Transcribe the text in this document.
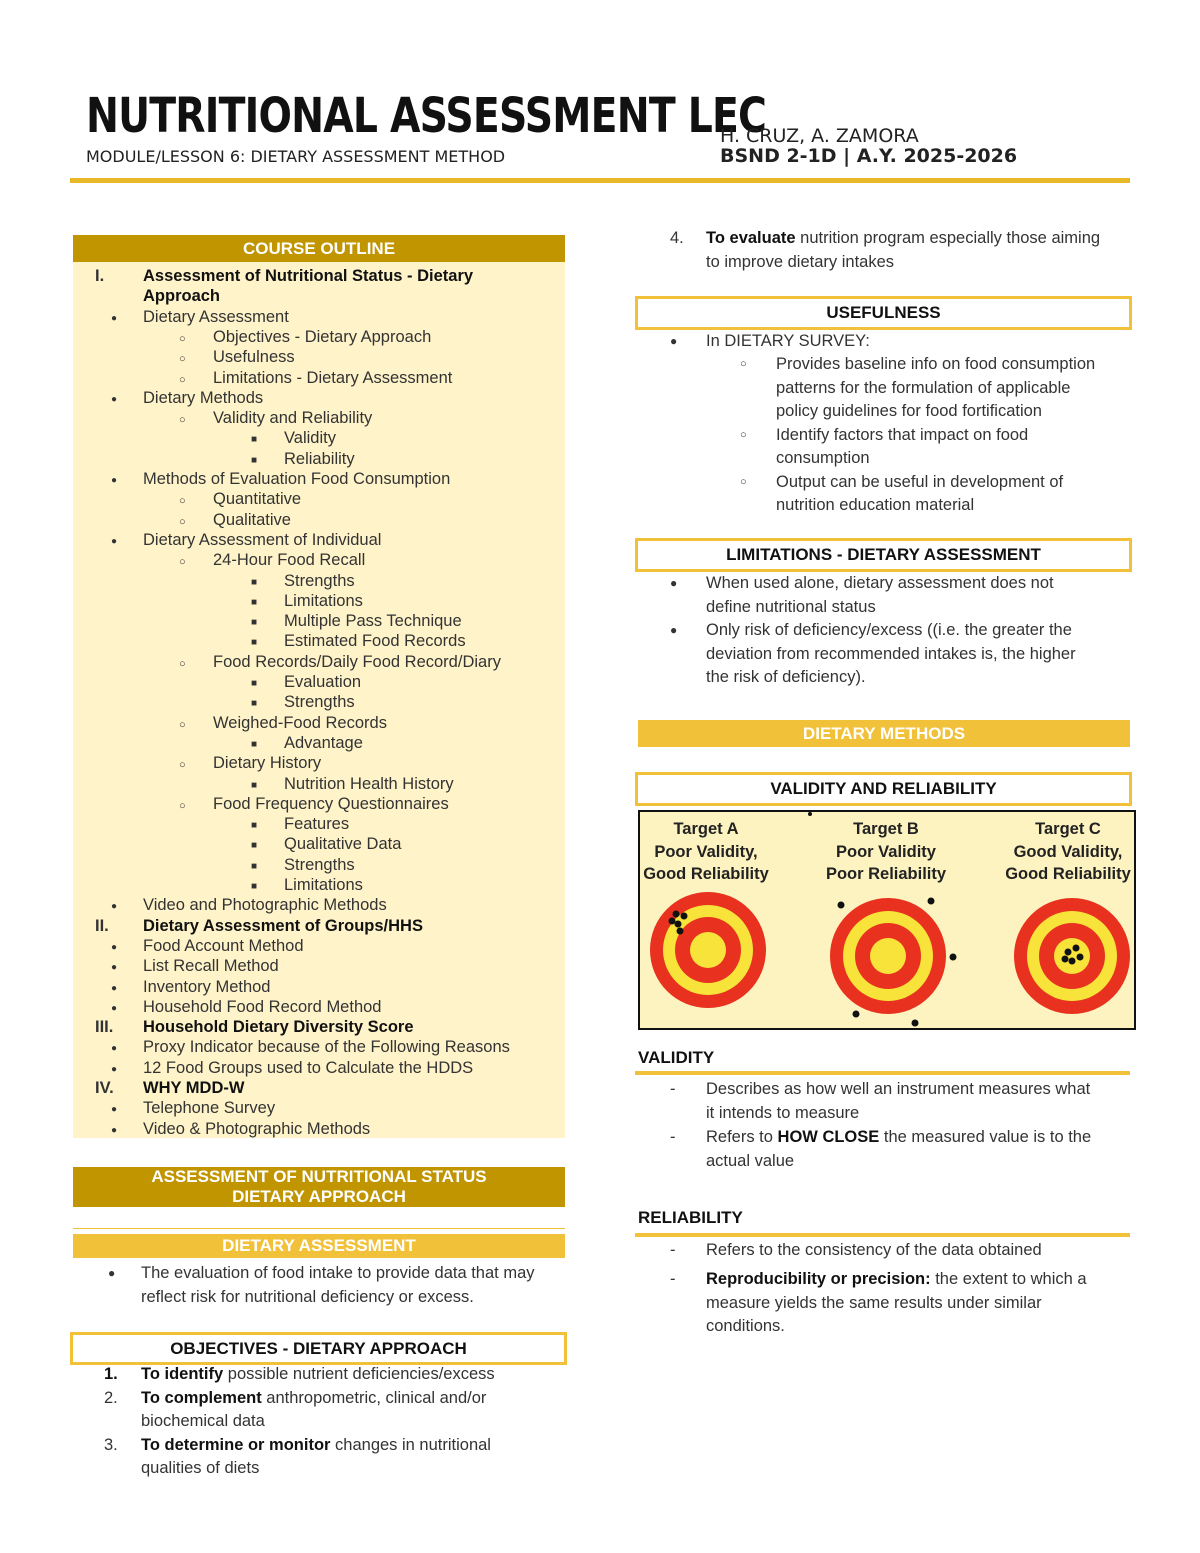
NUTRITIONAL ASSESSMENT LEC
MODULE/LESSON 6: DIETARY ASSESSMENT METHOD
H. CRUZ, A. ZAMORA
BSND 2-1D | A.Y. 2025-2026
COURSE OUTLINE
I. Assessment of Nutritional Status - Dietary
Approach
● Dietary Assessment
○ Objectives - Dietary Approach
○ Usefulness
○ Limitations - Dietary Assessment
● Dietary Methods
○ Validity and Reliability
■ Validity
■ Reliability
● Methods of Evaluation Food Consumption
○ Quantitative
○ Qualitative
● Dietary Assessment of Individual
○ 24-Hour Food Recall
■ Strengths
■ Limitations
■ Multiple Pass Technique
■ Estimated Food Records
○ Food Records/Daily Food Record/Diary
■ Evaluation
■ Strengths
○ Weighed-Food Records
■ Advantage
○ Dietary History
■ Nutrition Health History
○ Food Frequency Questionnaires
■ Features
■ Qualitative Data
■ Strengths
■ Limitations
● Video and Photographic Methods
II. Dietary Assessment of Groups/HHS
● Food Account Method
● List Recall Method
● Inventory Method
● Household Food Record Method
III. Household Dietary Diversity Score
● Proxy Indicator because of the Following Reasons
● 12 Food Groups used to Calculate the HDDS
IV. WHY MDD-W
● Telephone Survey
● Video & Photographic Methods
ASSESSMENT OF NUTRITIONAL STATUS
DIETARY APPROACH
DIETARY ASSESSMENT
● The evaluation of food intake to provide data that may
reflect risk for nutritional deficiency or excess.
OBJECTIVES - DIETARY APPROACH
1. To identify possible nutrient deficiencies/excess
2. To complement anthropometric, clinical and/or
biochemical data
3. To determine or monitor changes in nutritional
qualities of diets
4. To evaluate nutrition program especially those aiming
to improve dietary intakes
USEFULNESS
● In DIETARY SURVEY:
○ Provides baseline info on food consumption
patterns for the formulation of applicable
policy guidelines for food fortification
○ Identify factors that impact on food
consumption
○ Output can be useful in development of
nutrition education material
LIMITATIONS - DIETARY ASSESSMENT
● When used alone, dietary assessment does not
define nutritional status
● Only risk of deficiency/excess ((i.e. the greater the
deviation from recommended intakes is, the higher
the risk of deficiency).
DIETARY METHODS
VALIDITY AND RELIABILITY
Target A
Poor Validity,
Good Reliability
Target B
Poor Validity
Poor Reliability
Target C
Good Validity,
Good Reliability
VALIDITY
- Describes as how well an instrument measures what
it intends to measure
- Refers to HOW CLOSE the measured value is to the
actual value
RELIABILITY
- Refers to the consistency of the data obtained
- Reproducibility or precision: the extent to which a
measure yields the same results under similar
conditions.
